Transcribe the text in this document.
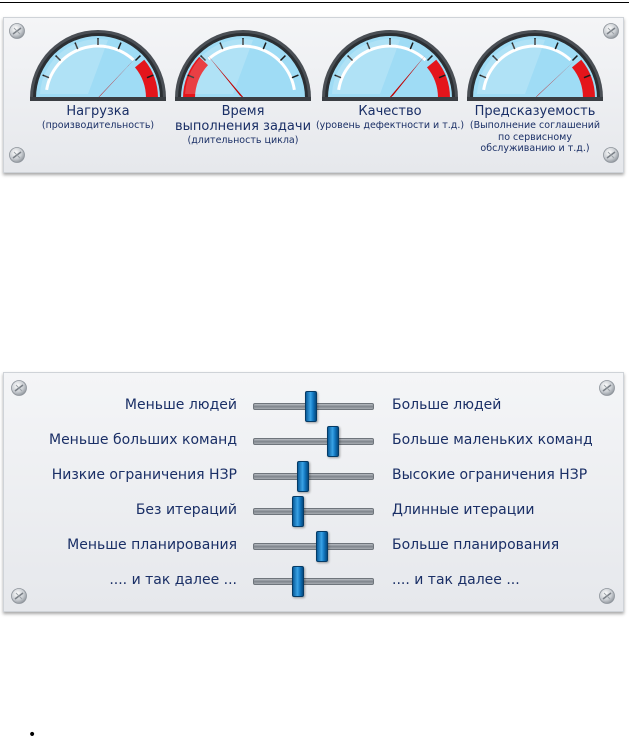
Нагрузка
(производительность)
Время
выполнения задачи
(длительность цикла)
Качество
(уровень дефектности и т.д.)
Предсказуемость
(Выполнение соглашений
по сервисному
обслуживанию и т.д.)
Меньше людей	Больше людей
Меньше больших команд	Больше маленьких команд
Низкие ограничения НЗР	Высокие ограничения НЗР
Без итераций	Длинные итерации
Меньше планирования	Больше планирования
.... и так далее ...	.... и так далее ...
•
